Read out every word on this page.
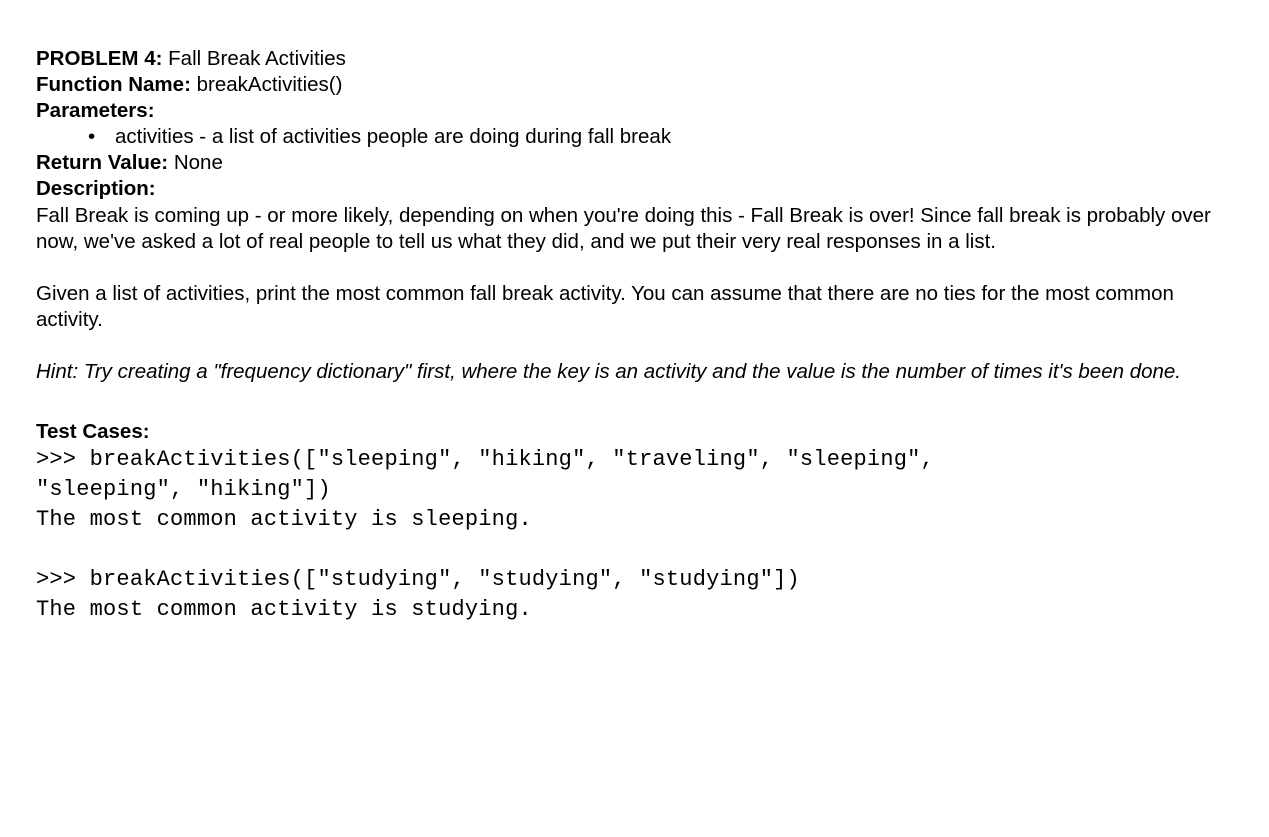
PROBLEM 4: Fall Break Activities
Function Name: breakActivities()
Parameters:
• activities - a list of activities people are doing during fall break
Return Value: None
Description:
Fall Break is coming up - or more likely, depending on when you're doing this - Fall Break is over! Since fall break is probably over now, we've asked a lot of real people to tell us what they did, and we put their very real responses in a list.
Given a list of activities, print the most common fall break activity. You can assume that there are no ties for the most common activity.
Hint: Try creating a "frequency dictionary" first, where the key is an activity and the value is the number of times it's been done.
Test Cases:
>>> breakActivities(["sleeping", "hiking", "traveling", "sleeping",
"sleeping", "hiking"])
The most common activity is sleeping.
>>> breakActivities(["studying", "studying", "studying"])
The most common activity is studying.
